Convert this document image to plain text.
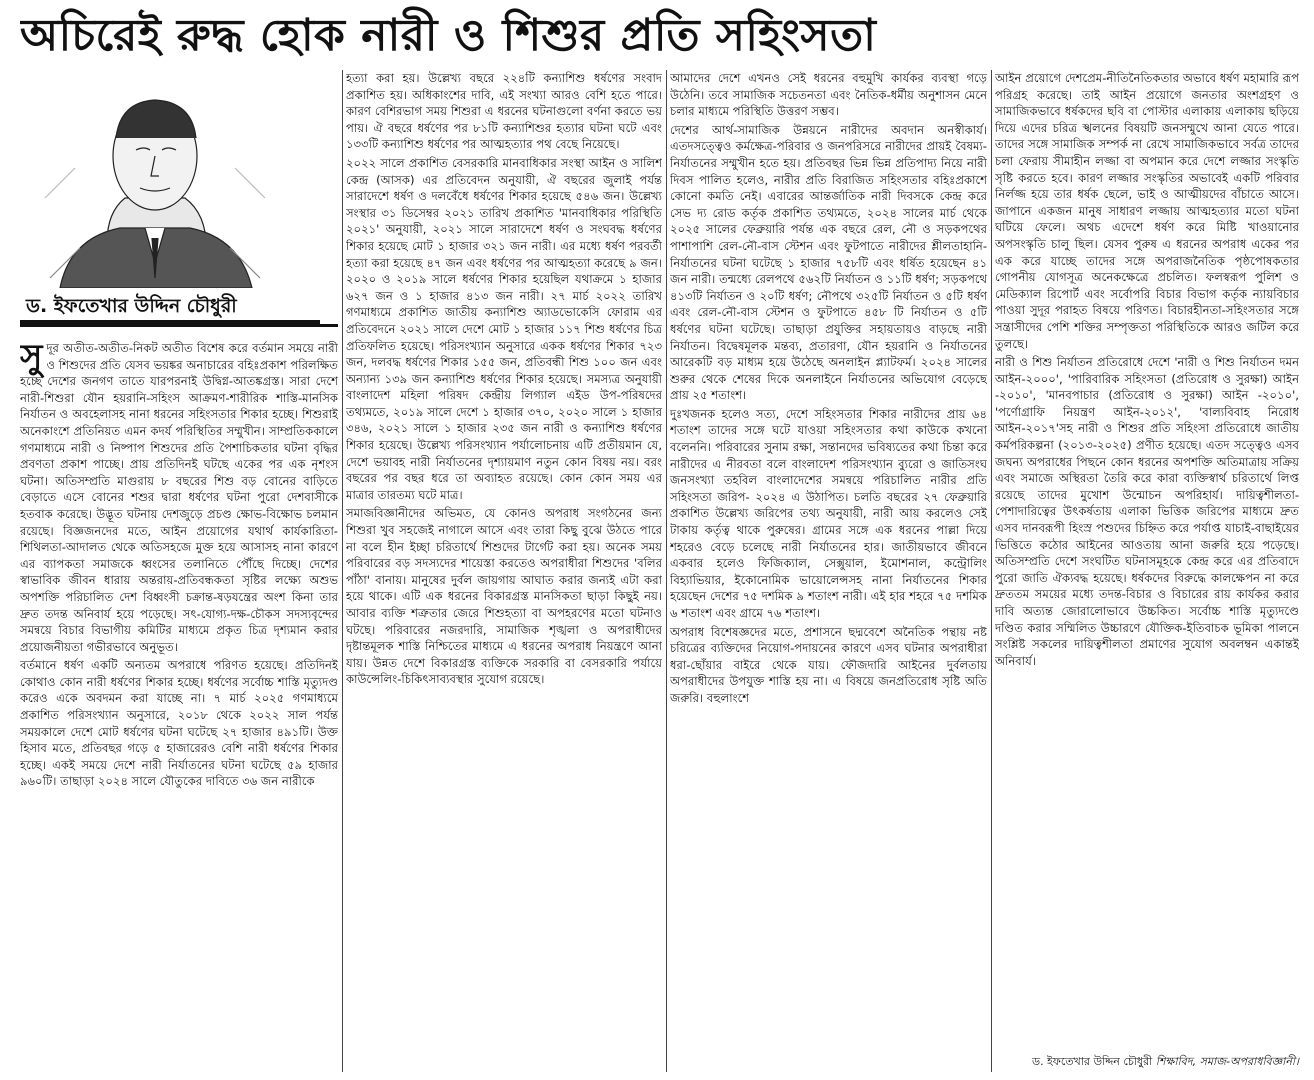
অচিরেই রুদ্ধ হোক নারী ও শিশুর প্রতি সহিংসতা
ড. ইফতেখার উদ্দিন চৌধুরী

সুদূর অতীত-অতীত-নিকট অতীত বিশেষ করে বর্তমান সময়ে নারী ও শিশুদের প্রতি যেসব ভয়ঙ্কর অনাচারের বহিঃপ্রকাশ পরিলক্ষিত হচ্ছে দেশের জনগণ তাতে যারপরনাই উদ্বিগ্ন-আতঙ্কগ্রস্ত। সারা দেশে নারী-শিশুরা যৌন হয়রানি-সহিংস আক্রমণ-শারীরিক শাস্তি-মানসিক নির্যাতন ও অবহেলাসহ নানা ধরনের সহিংসতার শিকার হচ্ছে। শিশুরাই অনেকাংশে প্রতিনিয়ত এমন কদর্য পরিস্থিতির সম্মুখীন। সাম্প্রতিককালে গণমাধ্যমে নারী ও নিষ্পাপ শিশুদের প্রতি পৈশাচিকতার ঘটনা বৃদ্ধির প্রবণতা প্রকাশ পাচ্ছে। প্রায় প্রতিদিনই ঘটছে একের পর এক নৃশংস ঘটনা। অতিসম্প্রতি মাগুরায় ৮ বছরের শিশু বড় বোনের বাড়িতে বেড়াতে এসে বোনের শশুর দ্বারা ধর্ষণের ঘটনা পুরো দেশবাসীকে হতবাক করেছে। উদ্ভূত ঘটনায় দেশজুড়ে প্রচণ্ড ক্ষোভ-বিক্ষোভ চলমান রয়েছে। বিজ্ঞজনদের মতে, আইন প্রয়োগের যথার্থ কার্যকারিতা-শিথিলতা-আদালত থেকে অতিসহজে মুক্ত হয়ে আসাসহ নানা কারণে এর ব্যাপকতা সমাজকে ধ্বংসের তলানিতে পৌঁছে দিচ্ছে। দেশের স্বাভাবিক জীবন ধারায় অন্তরায়-প্রতিবন্ধকতা সৃষ্টির লক্ষ্যে অশুভ অপশক্তি পরিচালিত দেশ বিধ্বংসী চক্রান্ত-ষড়যন্ত্রের অংশ কিনা তার দ্রুত তদন্ত অনিবার্য হয়ে পড়েছে। সৎ-যোগ্য-দক্ষ-চৌকস সদস্যবৃন্দের সমন্বয়ে বিচার বিভাগীয় কমিটির মাধ্যমে প্রকৃত চিত্র দৃশ্যমান করার প্রয়োজনীয়তা গভীরভাবে অনুভূত।

বর্তমানে ধর্ষণ একটি অন্যতম অপরাধে পরিণত হয়েছে। প্রতিদিনই কোথাও কোন নারী ধর্ষণের শিকার হচ্ছে। ধর্ষণের সর্বোচ্চ শাস্তি মৃত্যুদণ্ড করেও একে অবদমন করা যাচ্ছে না। ৭ মার্চ ২০২৫ গণমাধ্যমে প্রকাশিত পরিসংখ্যান অনুসারে, ২০১৮ থেকে ২০২২ সাল পর্যন্ত সময়কালে দেশে মোট ধর্ষণের ঘটনা ঘটেছে ২৭ হাজার ৪৯১টি। উক্ত হিসাব মতে, প্রতিবছর গড়ে ৫ হাজারেরও বেশি নারী ধর্ষণের শিকার হচ্ছে। একই সময়ে দেশে নারী নির্যাতনের ঘটনা ঘটেছে ৫৯ হাজার ৯৬০টি। তাছাড়া ২০২৪ সালে যৌতুকের দাবিতে ৩৬ জন নারীকে

হত্যা করা হয়। উল্লেখ্য বছরে ২২৪টি কন্যাশিশু ধর্ষণের সংবাদ প্রকাশিত হয়। অধিকাংশের দাবি, এই সংখ্যা আরও বেশি হতে পারে। কারণ বেশিরভাগ সময় শিশুরা এ ধরনের ঘটনাগুলো বর্ণনা করতে ভয় পায়। ঐ বছরে ধর্ষণের পর ৮১টি কন্যাশিশুর হত্যার ঘটনা ঘটে এবং ১৩৩টি কন্যাশিশু ধর্ষণের পর আত্মহত্যার পথ বেছে নিয়েছে।

২০২২ সালে প্রকাশিত বেসরকারি মানবাধিকার সংস্থা আইন ও সালিশ কেন্দ্র (আসক) এর প্রতিবেদন অনুযায়ী, ঐ বছরের জুলাই পর্যন্ত সারাদেশে ধর্ষণ ও দলবেঁধে ধর্ষণের শিকার হয়েছে ৫৪৬ জন। উল্লেখ্য সংস্থার ৩১ ডিসেম্বর ২০২১ তারিখ প্রকাশিত 'মানবাধিকার পরিস্থিতি ২০২১' অনুযায়ী, ২০২১ সালে সারাদেশে ধর্ষণ ও সংঘবদ্ধ ধর্ষণের শিকার হয়েছে মোট ১ হাজার ৩২১ জন নারী। এর মধ্যে ধর্ষণ পরবর্তী হত্যা করা হয়েছে ৪৭ জন এবং ধর্ষণের পর আত্মহত্যা করেছে ৯ জন। ২০২০ ও ২০১৯ সালে ধর্ষণের শিকার হয়েছিল যথাক্রমে ১ হাজার ৬২৭ জন ও ১ হাজার ৪১৩ জন নারী। ২৭ মার্চ ২০২২ তারিখ গণমাধ্যমে প্রকাশিত জাতীয় কন্যাশিশু অ্যাডভোকেসি ফোরাম এর প্রতিবেদনে ২০২১ সালে দেশে মোট ১ হাজার ১১৭ শিশু ধর্ষণের চিত্র প্রতিফলিত হয়েছে। পরিসংখ্যান অনুসারে একক ধর্ষণের শিকার ৭২৩ জন, দলবদ্ধ ধর্ষণের শিকার ১৫৫ জন, প্রতিবন্ধী শিশু ১০০ জন এবং অন্যান্য ১৩৯ জন কন্যাশিশু ধর্ষণের শিকার হয়েছে। সমস্যত্র অনুযায়ী বাংলাদেশ মহিলা পরিষদ কেন্দ্রীয় লিগ্যাল এইড উপ-পরিষদের তথ্যমতে, ২০১৯ সালে দেশে ১ হাজার ৩৭০, ২০২০ সালে ১ হাজার ৩৪৬, ২০২১ সালে ১ হাজার ২৩৫ জন নারী ও কন্যাশিশু ধর্ষণের শিকার হয়েছে। উল্লেখ্য পরিসংখ্যান পর্যালোচনায় এটি প্রতীয়মান যে, দেশে ভয়াবহ নারী নির্যাতনের দৃশ্যায়মাণ নতুন কোন বিষয় নয়। বরং বছরের পর বছর ধরে তা অব্যাহত রয়েছে। কোন কোন সময় এর মাত্রার তারতম্য ঘটে মাত্র।

সমাজবিজ্ঞানীদের অভিমত, যে কোনও অপরাধ সংগঠনের জন্য শিশুরা খুব সহজেই নাগালে আসে এবং তারা কিছু বুঝে উঠতে পারে না বলে হীন ইচ্ছা চরিতার্থে শিশুদের টার্গেট করা হয়। অনেক সময় পরিবারের বড় সদস্যদের শায়েস্তা করতেও অপরাধীরা শিশুদের 'বলির পাঁঠা' বানায়। মানুষের দুর্বল জায়গায় আঘাত করার জন্যই এটা করা হয়ে থাকে। এটি এক ধরনের বিকারগ্রস্ত মানসিকতা ছাড়া কিছুই নয়। আবার ব্যক্তি শত্রুতার জেরে শিশুহত্যা বা অপহরণের মতো ঘটনাও ঘটছে। পরিবারের নজরদারি, সামাজিক শৃঙ্খলা ও অপরাধীদের দৃষ্টান্তমূলক শাস্তি নিশ্চিতের মাধ্যমে এ ধরনের অপরাধ নিয়ন্ত্রণে আনা যায়। উন্নত দেশে বিকারগ্রস্ত ব্যক্তিকে সরকারি বা বেসরকারি পর্যায়ে কাউন্সেলিং-চিকিৎসাব্যবস্থার সুযোগ রয়েছে।

আমাদের দেশে এখনও সেই ধরনের বহুমুখি কার্যকর ব্যবস্থা গড়ে উঠেনি। তবে সামাজিক সচেতনতা এবং নৈতিক-ধর্মীয় অনুশাসন মেনে চলার মাধ্যমে পরিস্থিতি উত্তরণ সম্ভব।

দেশের আর্থ-সামাজিক উন্নয়নে নারীদের অবদান অনস্বীকার্য। এতদসত্ত্বেও কর্মক্ষেত্র-পরিবার ও জনপরিসরে নারীদের প্রায়ই বৈষম্য-নির্যাতনের সম্মুখীন হতে হয়। প্রতিবছর ভিন্ন ভিন্ন প্রতিপাদ্য নিয়ে নারী দিবস পালিত হলেও, নারীর প্রতি বিরাজিত সহিংসতার বহিঃপ্রকাশে কোনো কমতি নেই। এবারের আন্তর্জাতিক নারী দিবসকে কেন্দ্র করে সেভ দ্য রোড কর্তৃক প্রকাশিত তথ্যমতে, ২০২৪ সালের মার্চ থেকে ২০২৫ সালের ফেব্রুয়ারি পর্যন্ত এক বছরে রেল, নৌ ও সড়কপথের পাশাপাশি রেল-নৌ-বাস স্টেশন এবং ফুটপাতে নারীদের শ্লীলতাহানি-নির্যাতনের ঘটনা ঘটেছে ১ হাজার ৭৫৮টি এবং ধর্ষিত হয়েছেন ৪১ জন নারী। তন্মধ্যে রেলপথে ৫৬২টি নির্যাতন ও ১১টি ধর্ষণ; সড়কপথে ৪১৩টি নির্যাতন ও ২০টি ধর্ষণ; নৌপথে ৩২৫টি নির্যাতন ও ৫টি ধর্ষণ এবং রেল-নৌ-বাস স্টেশন ও ফুটপাতে ৪৫৮ টি নির্যাতন ও ৫টি ধর্ষণের ঘটনা ঘটেছে। তাছাড়া প্রযুক্তির সহায়তায়ও বাড়ছে নারী নির্যাতন। বিদ্বেষমূলক মন্তব্য, প্রতারণা, যৌন হয়রানি ও নির্যাতনের আরেকটি বড় মাধ্যম হয়ে উঠেছে অনলাইন প্ল্যাটফর্ম। ২০২৪ সালের শুরুর থেকে শেষের দিকে অনলাইনে নির্যাতনের অভিযোগ বেড়েছে প্রায় ২৫ শতাংশ।

দুঃখজনক হলেও সত্য, দেশে সহিংসতার শিকার নারীদের প্রায় ৬৪ শতাংশ তাদের সঙ্গে ঘটে যাওয়া সহিংসতার কথা কাউকে কখনো বলেননি। পরিবারের সুনাম রক্ষা, সন্তানদের ভবিষ্যতের কথা চিন্তা করে নারীদের এ নীরবতা বলে বাংলাদেশ পরিসংখ্যান ব্যুরো ও জাতিসংঘ জনসংখ্যা তহবিল বাংলাদেশের সমন্বয়ে পরিচালিত নারীর প্রতি সহিংসতা জরিপ- ২০২৪ এ উঠাপিত। চলতি বছরের ২৭ ফেব্রুয়ারি প্রকাশিত উল্লেখ্য জরিপের তথ্য অনুযায়ী, নারী আয় করলেও সেই টাকায় কর্তৃত্ব থাকে পুরুষের। গ্রামের সঙ্গে এক ধরনের পাল্লা দিয়ে শহরেও বেড়ে চলেছে নারী নির্যাতনের হার। জাতীয়ভাবে জীবনে একবার হলেও ফিজিক্যাল, সেক্সুয়াল, ইমোশনাল, কন্ট্রোলিং বিহ্যাভিয়ার, ইকোনোমিক ভায়োলেন্সসহ নানা নির্যাতনের শিকার হয়েছেন দেশের ৭৫ দশমিক ৯ শতাংশ নারী। এই হার শহরে ৭৫ দশমিক ৬ শতাংশ এবং গ্রামে ৭৬ শতাংশ।

অপরাধ বিশেষজ্ঞদের মতে, প্রশাসনে ছদ্মবেশে অনৈতিক পন্থায় নষ্ট চরিত্রের ব্যক্তিদের নিয়োগ-পদায়নের কারণে এসব ঘটনার অপরাধীরা ধরা-ছোঁয়ার বাইরে থেকে যায়। ফৌজদারি আইনের দুর্বলতায় অপরাধীদের উপযুক্ত শাস্তি হয় না। এ বিষয়ে জনপ্রতিরোধ সৃষ্টি অতি জরুরি। বহুলাংশে

আইন প্রয়োগে দেশপ্রেম-নীতিনৈতিকতার অভাবে ধর্ষণ মহামারি রূপ পরিগ্রহ করেছে। তাই আইন প্রয়োগে জনতার অংশগ্রহণ ও সামাজিকভাবে ধর্ষকদের ছবি বা পোস্টার এলাকায় এলাকায় ছড়িয়ে দিয়ে এদের চরিত্র স্খলনের বিষয়টি জনসম্মুখে আনা যেতে পারে। তাদের সঙ্গে সামাজিক সম্পর্ক না রেখে সামাজিকভাবে সর্বত্র তাদের চলা ফেরায় সীমাহীন লজ্জা বা অপমান করে দেশে লজ্জার সংস্কৃতি সৃষ্টি করতে হবে। কারণ লজ্জার সংস্কৃতির অভাবেই একটি পরিবার নির্লজ্জ হয়ে তার ধর্ষক ছেলে, ভাই ও আত্মীয়দের বাঁচাতে আসে। জাপানে একজন মানুষ সাধারণ লজ্জায় আত্মহত্যার মতো ঘটনা ঘটিয়ে ফেলে। অথচ এদেশে ধর্ষণ করে মিষ্টি খাওয়ানোর অপসংস্কৃতি চালু ছিল। যেসব পুরুষ এ ধরনের অপরাধ একের পর এক করে যাচ্ছে তাদের সঙ্গে অপরাজনৈতিক পৃষ্ঠপোষকতার গোপনীয় যোগসূত্র অনেকক্ষেত্রে প্রচলিত। ফলস্বরূপ পুলিশ ও মেডিক্যাল রিপোর্ট এবং সর্বোপরি বিচার বিভাগ কর্তৃক ন্যায়বিচার পাওয়া সুদূর পরাহত বিষয়ে পরিণত। বিচারহীনতা-সহিংসতার সঙ্গে সন্ত্রাসীদের পেশি শক্তির সম্পৃক্ততা পরিস্থিতিকে আরও জটিল করে তুলছে।

নারী ও শিশু নির্যাতন প্রতিরোধে দেশে 'নারী ও শিশু নির্যাতন দমন আইন-২০০০', 'পারিবারিক সহিংসতা (প্রতিরোধ ও সুরক্ষা) আইন -২০১০', 'মানবপাচার (প্রতিরোধ ও সুরক্ষা) আইন -২০১০', 'পর্ণোগ্রাফি নিয়ন্ত্রণ আইন-২০১২', 'বাল্যবিবাহ নিরোধ আইন-২০১৭'সহ নারী ও শিশুর প্রতি সহিংসা প্রতিরোধে জাতীয় কর্মপরিকল্পনা (২০১৩-২০২৫) প্রণীত হয়েছে। এতদ সত্ত্বেও এসব জঘন্য অপরাধের পিছনে কোন ধরনের অপশক্তি অতিমাত্রায় সক্রিয় এবং সমাজে অস্থিরতা তৈরি করে কারা ব্যক্তিস্বার্থ চরিতার্থে লিপ্ত রয়েছে তাদের মুখোশ উন্মোচন অপরিহার্য। দায়িত্বশীলতা-পেশাদারিত্বের উৎকর্ষতায় এলাকা ভিত্তিক জরিপের মাধ্যমে দ্রুত এসব দানবরূপী হিংস্র পশুদের চিহ্নিত করে পর্যাপ্ত যাচাই-বাছাইয়ের ভিত্তিতে কঠোর আইনের আওতায় আনা জরুরি হয়ে পড়েছে। অতিসম্প্রতি দেশে সংঘটিত ঘটনাসমূহকে কেন্দ্র করে এর প্রতিবাদে পুরো জাতি ঐক্যবদ্ধ হয়েছে। ধর্ষকদের বিরুদ্ধে কালক্ষেপন না করে দ্রুততম সময়ের মধ্যে তদন্ত-বিচার ও বিচারের রায় কার্যকর করার দাবি অত্যন্ত জোরালোভাবে উচ্চকিত। সর্বোচ্চ শাস্তি মৃত্যুদণ্ডে দণ্ডিত করার সম্মিলিত উচ্চারণে যৌক্তিক-ইতিবাচক ভূমিকা পালনে সংশ্লিষ্ট সকলের দায়িত্বশীলতা প্রমাণের সুযোগ অবলম্বন একান্তই অনিবার্য।

ড. ইফতেখার উদ্দিন চৌধুরী শিক্ষাবিদ, সমাজ-অপরাধবিজ্ঞানী।
